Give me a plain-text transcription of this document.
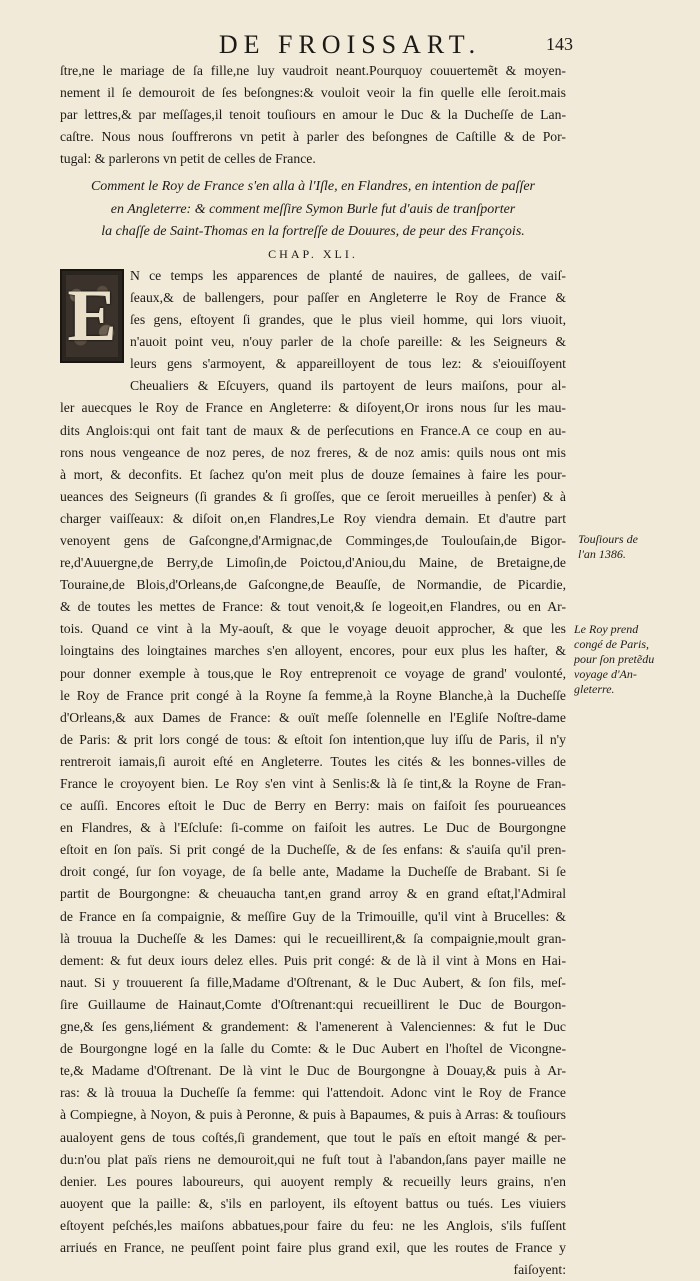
DE FROISSART.	143
ſtre,ne le mariage de ſa fille,ne luy vaudroit neant.Pourquoy couuertemẽt & moyen-
nement il ſe demouroit de ſes beſongnes:& vouloit veoir la fin quelle elle ſeroit.mais
par lettres,& par meſſages,il tenoit touſiours en amour le Duc & la Ducheſſe de Lan-
caſtre. Nous nous ſouffrerons vn petit à parler des beſongnes de Caſtille & de Por-
tugal: & parlerons vn petit de celles de France.
Comment le Roy de France s'en alla à l'Iſle, en Flandres, en intention de paſſer
en Angleterre: & comment meſſire Symon Burle fut d'auis de tranſporter
la chaſſe de Saint-Thomas en la fortreſſe de Douures, de peur des François.
CHAP. XLI.
E N ce temps les apparences de planté de nauires, de gallees, de vaiſ-
ſeaux,& de ballengers, pour paſſer en Angleterre le Roy de France &
ſes gens, eſtoyent ſi grandes, que le plus vieil homme, qui lors viuoit,
n'auoit point veu, n'ouy parler de la choſe pareille: & les Seigneurs &
leurs gens s'armoyent, & appareilloyent de tous lez: & s'eiouiſſoyent
Cheualiers & Eſcuyers, quand ils partoyent de leurs maiſons, pour al-
ler auecques le Roy de France en Angleterre: & diſoyent,Or irons nous ſur les mau-
dits Anglois:qui ont fait tant de maux & de perſecutions en France.A ce coup en au-
rons nous vengeance de noz peres, de noz freres, & de noz amis: quils nous ont mis
à mort, & deconfits. Et ſachez qu'on meit plus de douze ſemaines à faire les pour-
ueances des Seigneurs (ſi grandes & ſi groſſes, que ce ſeroit merueilles à penſer) & à
charger vaiſſeaux: & diſoit on,en Flandres,Le Roy viendra demain. Et d'autre part
venoyent gens de Gaſcongne,d'Armignac,de Comminges,de Toulouſain,de Bigor-
re,d'Auuergne,de Berry,de Limoſin,de Poictou,d'Aniou,du Maine, de Bretaigne,de
Touraine,de Blois,d'Orleans,de Gaſcongne,de Beauſſe, de Normandie, de Picardie,
& de toutes les mettes de France: & tout venoit,& ſe logeoit,en Flandres, ou en Ar-
tois. Quand ce vint à la My-aouſt, & que le voyage deuoit approcher, & que les
loingtains des loingtaines marches s'en alloyent, encores, pour eux plus les haſter, &
pour donner exemple à tous,que le Roy entreprenoit ce voyage de grand' voulonté,
le Roy de France prit congé à la Royne ſa femme,à la Royne Blanche,à la Ducheſſe
d'Orleans,& aux Dames de France: & ouït meſſe ſolennelle en l'Egliſe Noſtre-dame
de Paris: & prit lors congé de tous: & eſtoit ſon intention,que luy iſſu de Paris, il n'y
rentreroit iamais,ſi auroit eſté en Angleterre. Toutes les cités & les bonnes-villes de
France le croyoyent bien. Le Roy s'en vint à Senlis:& là ſe tint,& la Royne de Fran-
ce auſſi. Encores eſtoit le Duc de Berry en Berry: mais on faiſoit ſes pourueances
en Flandres, & à l'Eſcluſe: ſi-comme on faiſoit les autres. Le Duc de Bourgongne
eſtoit en ſon païs. Si prit congé de la Ducheſſe, & de ſes enfans: & s'auiſa qu'il pren-
droit congé, ſur ſon voyage, de ſa belle ante, Madame la Ducheſſe de Brabant. Si ſe
partit de Bourgongne: & cheuaucha tant,en grand arroy & en grand eſtat,l'Admiral
de France en ſa compaignie, & meſſire Guy de la Trimouille, qu'il vint à Brucelles: &
là trouua la Ducheſſe & les Dames: qui le recueillirent,& ſa compaignie,moult gran-
dement: & fut deux iours delez elles. Puis prit congé: & de là il vint à Mons en Hai-
naut. Si y trouuerent ſa fille,Madame d'Oſtrenant, & le Duc Aubert, & ſon fils, meſ-
ſire Guillaume de Hainaut,Comte d'Oſtrenant:qui recueillirent le Duc de Bourgon-
gne,& ſes gens,liément & grandement: & l'amenerent à Valenciennes: & fut le Duc
de Bourgongne logé en la ſalle du Comte: & le Duc Aubert en l'hoſtel de Vicongne-
te,& Madame d'Oſtrenant. De là vint le Duc de Bourgongne à Douay,& puis à Ar-
ras: & là trouua la Ducheſſe ſa femme: qui l'attendoit. Adonc vint le Roy de France
à Compiegne, à Noyon, & puis à Peronne, & puis à Bapaumes, & puis à Arras: & touſiours
aualoyent gens de tous coſtés,ſi grandement, que tout le païs en eſtoit mangé & per-
du:n'ou plat païs riens ne demouroit,qui ne fuſt tout à l'abandon,ſans payer maille ne
denier. Les poures laboureurs, qui auoyent remply & recueilly leurs grains, n'en
auoyent que la paille: &, s'ils en parloyent, ils eſtoyent battus ou tués. Les viuiers
eſtoyent peſchés,les maiſons abbatues,pour faire du feu: ne les Anglois, s'ils fuſſent
arriués en France, ne peuſſent point faire plus grand exil, que les routes de France y
faiſoyent:
Touſiours de
l'an 1386.
Le Roy prend
congé de Paris,
pour ſon pretẽdu
voyage d'An-
gleterre.
